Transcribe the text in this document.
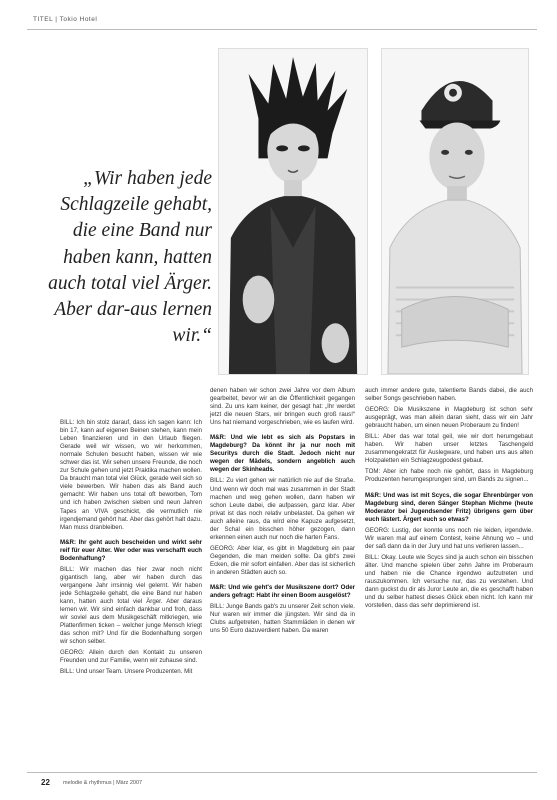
TITEL | Tokio Hotel
„Wir haben jede Schlagzeile gehabt, die eine Band nur haben kann, hatten auch total viel Ärger. Aber dar-aus lernen wir.“

BILL: Ich bin stolz darauf, dass ich sagen kann: Ich bin 17, kann auf eigenen Beinen stehen, kann mein Leben finanzieren und in den Urlaub fliegen. Gerade weil wir wissen, wo wir herkommen, normale Schulen besucht haben, wissen wir wie schwer das ist. Wir sehen unsere Freunde, die noch zur Schule gehen und jetzt Praktika machen wollen. Da braucht man total viel Glück, gerade weil sich so viele bewerben. Wir haben das als Band auch gemacht: Wir haben uns total oft beworben, Tom und ich haben zwischen sieben und neun Jahren Tapes an VIVA geschickt, die vermutlich nie irgendjemand gehört hat. Aber das gehört halt dazu. Man muss dranbleiben.

M&R: Ihr geht auch bescheiden und wirkt sehr reif für euer Alter. Wer oder was verschafft euch Bodenhaftung?

BILL: Wir machen das hier zwar noch nicht gigantisch lang, aber wir haben durch das vergangene Jahr irrsinnig viel gelernt. Wir haben jede Schlagzeile gehabt, die eine Band nur haben kann, hatten auch total viel Ärger. Aber daraus lernen wir. Wir sind einfach dankbar und froh, dass wir soviel aus dem Musikgeschäft mitkriegen, wie Plattenfirmen ticken – welcher junge Mensch kriegt das schon mit? Und für die Bodenhaftung sorgen wir schon selber.

GEORG: Allein durch den Kontakt zu unseren Freunden und zur Familie, wenn wir zuhause sind.

BILL: Und unser Team. Unsere Produzenten. Mit

denen haben wir schon zwei Jahre vor dem Album gearbeitet, bevor wir an die Öffentlichkeit gegangen sind. Zu uns kam keiner, der gesagt hat: „Ihr werdet jetzt die neuen Stars, wir bringen euch groß raus!“ Uns hat niemand vorgeschrieben, wie es laufen wird.

M&R: Und wie lebt es sich als Popstars in Magdeburg? Da könnt ihr ja nur noch mit Securitys durch die Stadt. Jedoch nicht nur wegen der Mädels, sondern angeblich auch wegen der Skinheads.

BILL: Zu viert gehen wir natürlich nie auf die Straße. Und wenn wir doch mal was zusammen in der Stadt machen und weg gehen wollen, dann haben wir schon Leute dabei, die aufpassen, ganz klar. Aber privat ist das noch relativ unbelastet. Da gehen wir auch alleine raus, da wird eine Kapuze aufgesetzt, der Schal ein bisschen höher gezogen, dann erkennen einen auch nur noch die harten Fans.

GEORG: Aber klar, es gibt in Magdeburg ein paar Gegenden, die man meiden sollte. Da gibt's zwei Ecken, die mir sofort einfallen. Aber das ist sicherlich in anderen Städten auch so.

M&R: Und wie geht's der Musikszene dort? Oder anders gefragt: Habt ihr einen Boom ausgelöst?

BILL: Junge Bands gab's zu unserer Zeit schon viele. Nur waren wir immer die jüngsten. Wir sind da in Clubs aufgetreten, hatten Stammläden in denen wir uns 50 Euro dazuverdient haben. Da waren

auch immer andere gute, talentierte Bands dabei, die auch selber Songs geschrieben haben.

GEORG: Die Musikszene in Magdeburg ist schon sehr ausgeprägt, was man allein daran sieht, dass wir ein Jahr gebraucht haben, um einen neuen Proberaum zu finden!

BILL: Aber das war total geil, wie wir dort herumgebaut haben. Wir haben unser letztes Taschengeld zusammengekratzt für Auslegware, und haben uns aus alten Holzpaletten ein Schlagzeugpodest gebaut.

TOM: Aber ich habe noch nie gehört, dass in Magdeburg Produzenten herumgesprungen sind, um Bands zu signen...

M&R: Und was ist mit Scycs, die sogar Ehrenbürger von Magdeburg sind, deren Sänger Stephan Michme (heute Moderator bei Jugendsender Fritz) übrigens gern über euch lästert. Ärgert euch so etwas?

GEORG: Lustig, der konnte uns noch nie leiden, irgendwie. Wir waren mal auf einem Contest, keine Ahnung wo – und der saß dann da in der Jury und hat uns verlieren lassen...

BILL: Okay. Leute wie Scycs sind ja auch schon ein bisschen älter. Und manche spielen über zehn Jahre im Proberaum und haben nie die Chance irgendwo aufzutreten und rauszukommen. Ich versuche nur, das zu verstehen. Und dann guckst du dir als Juror Leute an, die es geschafft haben und du selber hattest dieses Glück eben nicht. Ich kann mir vorstellen, dass das sehr deprimierend ist.

22 melodie & rhythmus | März 2007
